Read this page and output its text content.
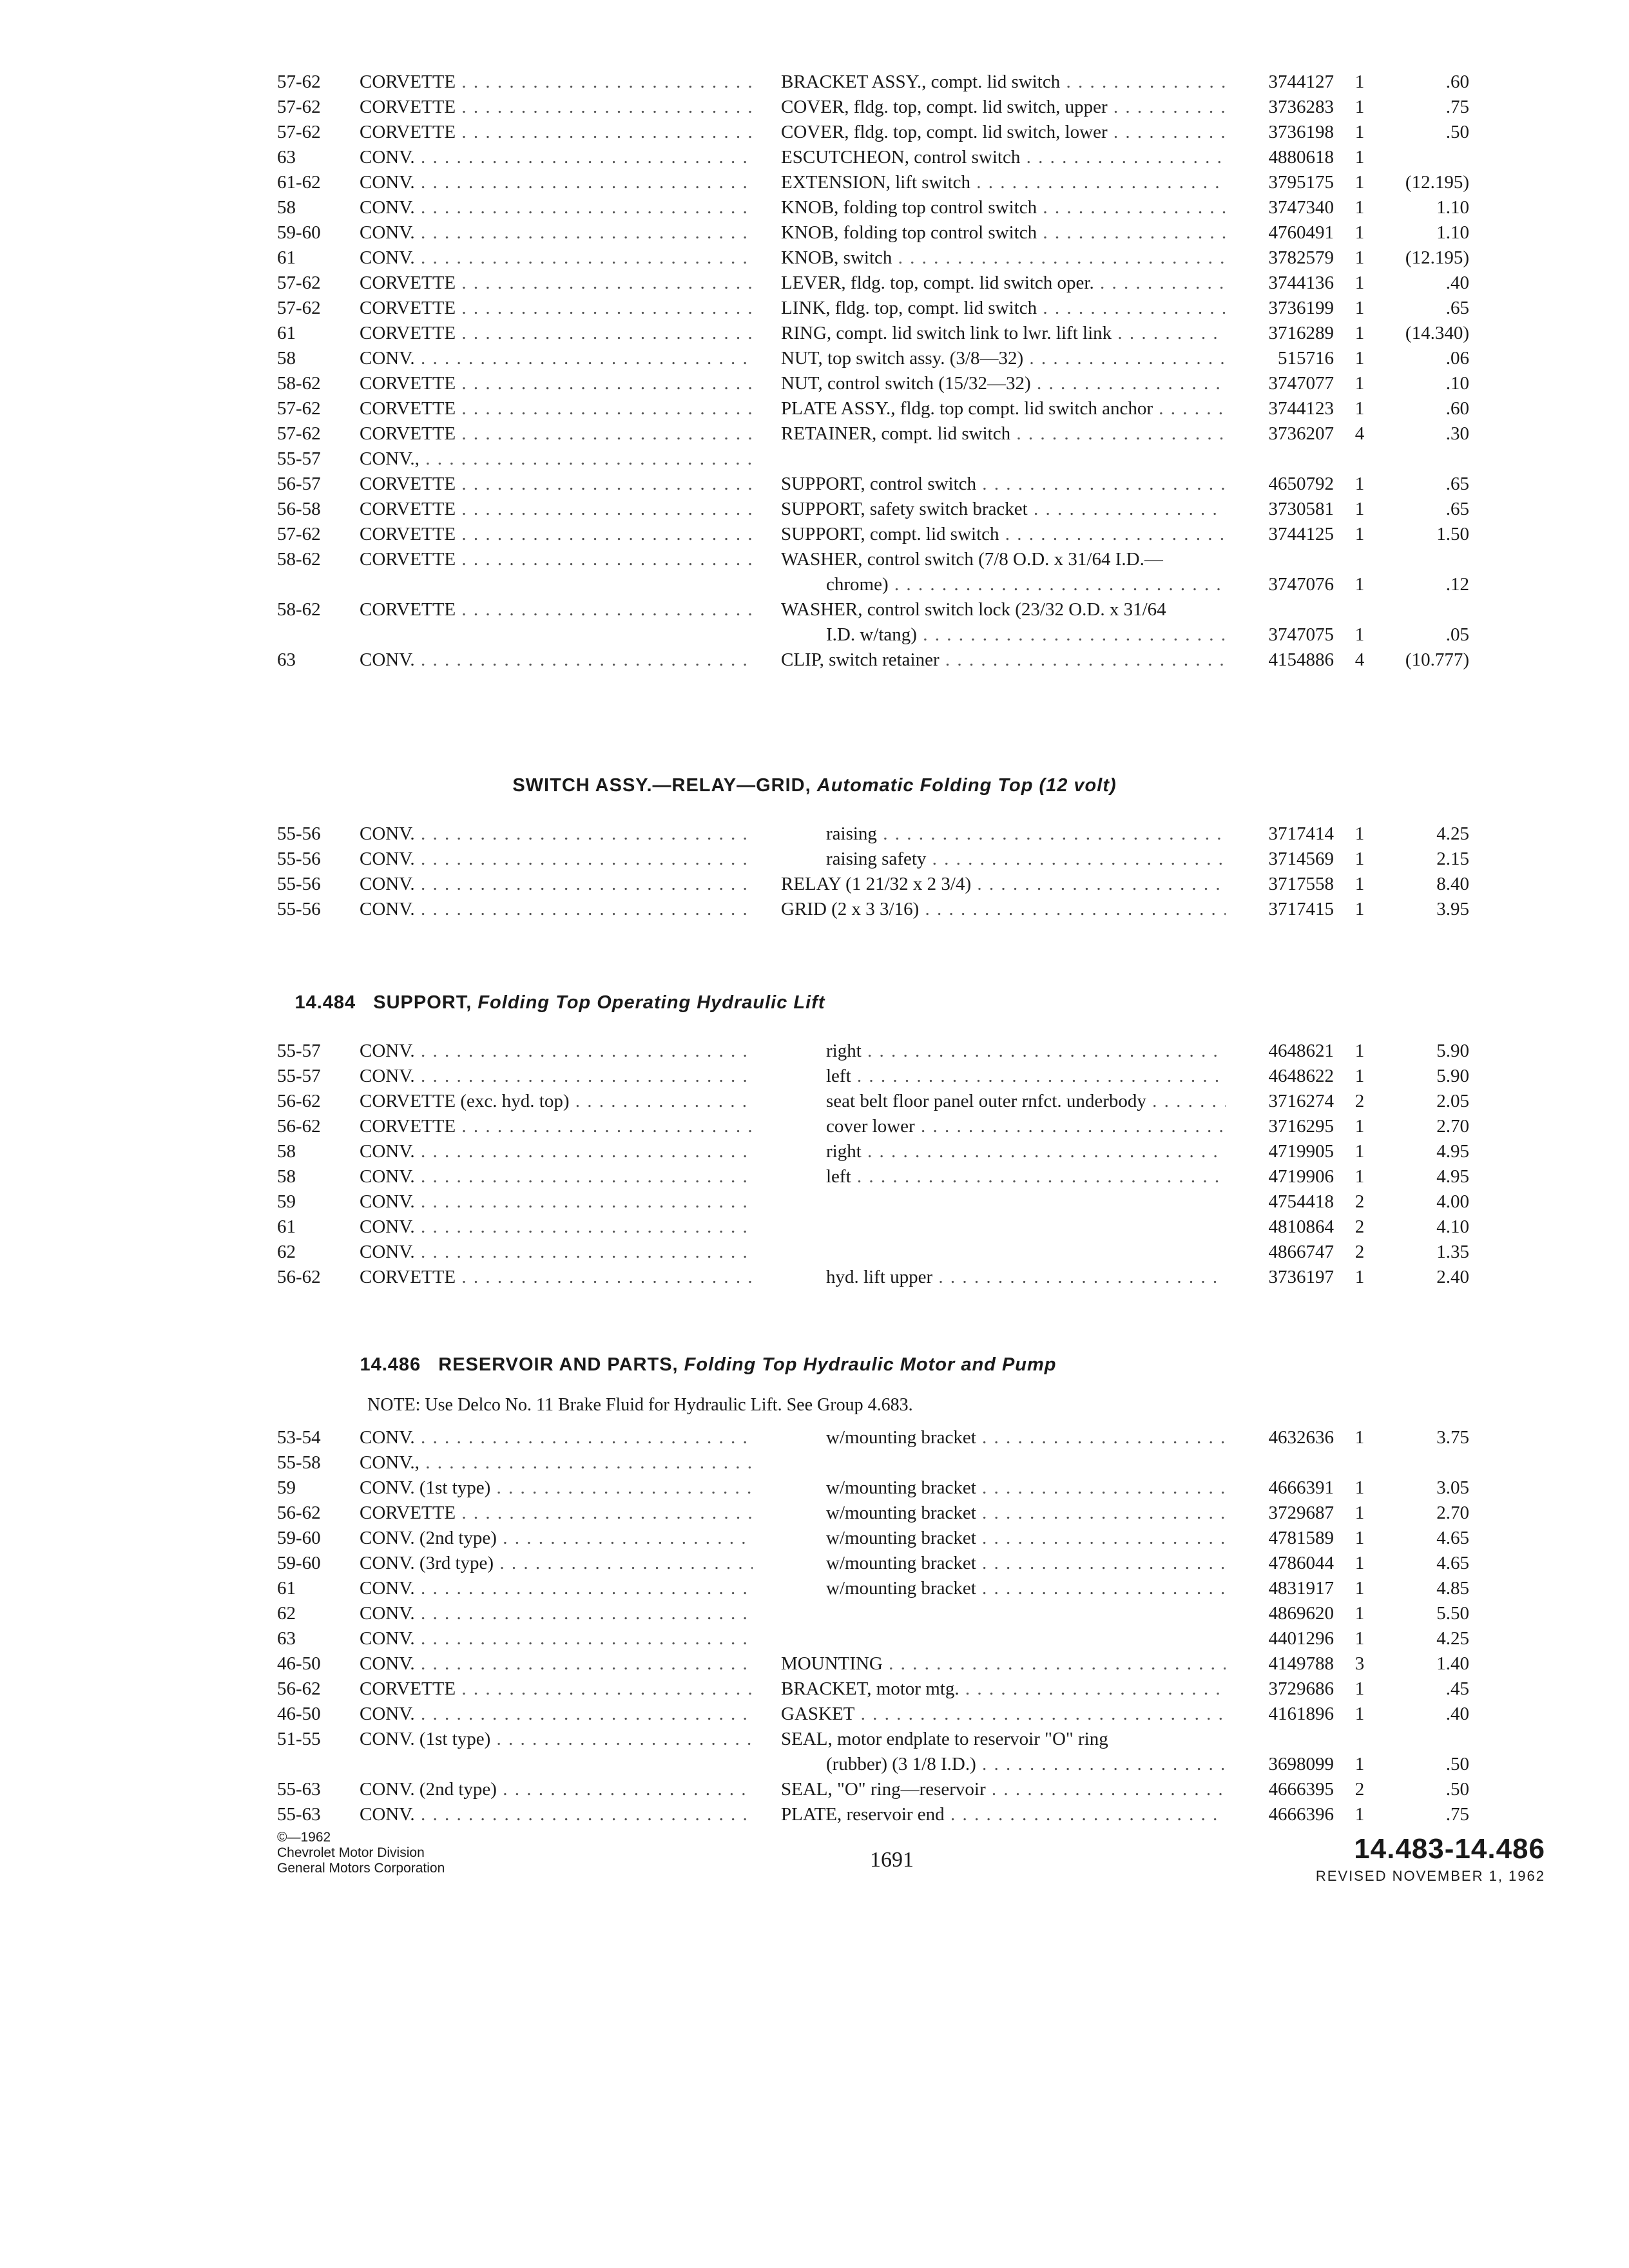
57-62 CORVETTE . . .	BRACKET ASSY., compt. lid switch . . .	3744127	1	.60
57-62 CORVETTE . . .	COVER, fldg. top, compt. lid switch, upper . . .	3736283	1	.75
57-62 CORVETTE . . .	COVER, fldg. top, compt. lid switch, lower . . .	3736198	1	.50
63	CONV. . . .	ESCUTCHEON, control switch . . .	4880618	1
61-62 CONV. . . .	EXTENSION, lift switch . . .	3795175	1	(12.195)
58	CONV. . . .	KNOB, folding top control switch . . .	3747340	1	1.10
59-60 CONV. . . .	KNOB, folding top control switch . . .	4760491	1	1.10
61	CONV. . . .	KNOB, switch . . .	3782579	1	(12.195)
57-62 CORVETTE . . .	LEVER, fldg. top, compt. lid switch oper. . . .	3744136	1	.40
57-62 CORVETTE . . .	LINK, fldg. top, compt. lid switch . . .	3736199	1	.65
61	CORVETTE . . .	RING, compt. lid switch link to lwr. lift link . . .	3716289	1	(14.340)
58	CONV. . . .	NUT, top switch assy. (3/8—32) . . .	515716	1	.06
58-62 CORVETTE . . .	NUT, control switch (15/32—32) . . .	3747077	1	.10
57-62 CORVETTE . . .	PLATE ASSY., fldg. top compt. lid switch anchor . . .	3744123	1	.60
57-62 CORVETTE . . .	RETAINER, compt. lid switch . . .	3736207	4	.30
55-57 CONV., . . .
56-57 CORVETTE . . .	SUPPORT, control switch . . .	4650792	1	.65
56-58 CORVETTE . . .	SUPPORT, safety switch bracket . . .	3730581	1	.65
57-62 CORVETTE . . .	SUPPORT, compt. lid switch . . .	3744125	1	1.50
58-62 CORVETTE . . .	WASHER, control switch (7/8 O.D. x 31/64 I.D.—
chrome) . . .	3747076	1	.12
58-62 CORVETTE . . .	WASHER, control switch lock (23/32 O.D. x 31/64
I.D. w/tang) . . .	3747075	1	.05
63	CONV. . . .	CLIP, switch retainer . . .	4154886	4	(10.777)
SWITCH ASSY.—RELAY—GRID, Automatic Folding Top (12 volt)
55-56 CONV. . . .	raising . . .	3717414	1	4.25
55-56 CONV. . . .	raising safety . . .	3714569	1	2.15
55-56 CONV. . . .	RELAY (1 21/32 x 2 3/4) . . .	3717558	1	8.40
55-56 CONV. . . .	GRID (2 x 3 3/16) . . .	3717415	1	3.95
14.484 SUPPORT, Folding Top Operating Hydraulic Lift
55-57 CONV. . . .	right . . .	4648621	1	5.90
55-57 CONV. . . .	left . . .	4648622	1	5.90
56-62 CORVETTE (exc. hyd. top) . . .	seat belt floor panel outer rnfct. underbody . . .	3716274	2	2.05
56-62 CORVETTE . . .	cover lower . . .	3716295	1	2.70
58	CONV. . . .	right . . .	4719905	1	4.95
58	CONV. . . .	left . . .	4719906	1	4.95
59	CONV. . . .	4754418	2	4.00
61	CONV. . . .	4810864	2	4.10
62	CONV. . . .	4866747	2	1.35
56-62 CORVETTE . . .	hyd. lift upper . . .	3736197	1	2.40
14.486 RESERVOIR AND PARTS, Folding Top Hydraulic Motor and Pump
NOTE: Use Delco No. 11 Brake Fluid for Hydraulic Lift. See Group 4.683.
53-54 CONV. . . .	w/mounting bracket . . .	4632636	1	3.75
55-58 CONV., . . .
59	CONV. (1st type) . . .	w/mounting bracket . . .	4666391	1	3.05
56-62 CORVETTE . . .	w/mounting bracket . . .	3729687	1	2.70
59-60 CONV. (2nd type) . . .	w/mounting bracket . . .	4781589	1	4.65
59-60 CONV. (3rd type) . . .	w/mounting bracket . . .	4786044	1	4.65
61	CONV. . . .	w/mounting bracket . . .	4831917	1	4.85
62	CONV. . . .	4869620	1	5.50
63	CONV. . . .	4401296	1	4.25
46-50 CONV. . . .	MOUNTING . . .	4149788	3	1.40
56-62 CORVETTE . . .	BRACKET, motor mtg. . . .	3729686	1	.45
46-50 CONV. . . .	GASKET . . .	4161896	1	.40
51-55 CONV. (1st type) . . .	SEAL, motor endplate to reservoir "O" ring
(rubber) (3 1/8 I.D.) . . .	3698099	1	.50
55-63 CONV. (2nd type) . . .	SEAL, "O" ring—reservoir . . .	4666395	2	.50
55-63 CONV. . . .	PLATE, reservoir end . . .	4666396	1	.75
©—1962
Chevrolet Motor Division
General Motors Corporation	1691	14.483-14.486
REVISED NOVEMBER 1, 1962
